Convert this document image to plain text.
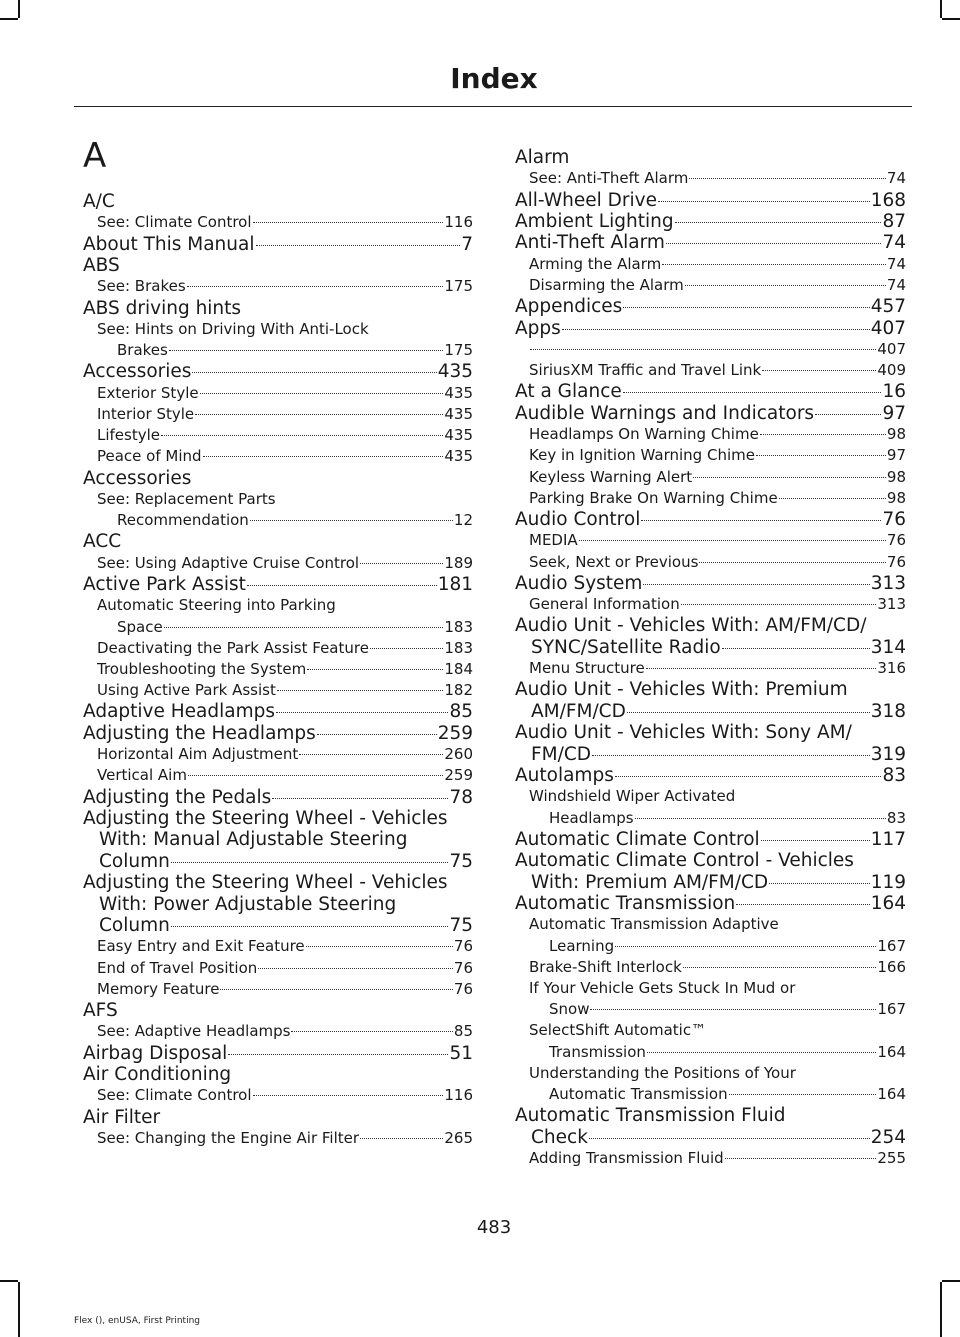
Index
A
A/C
See: Climate Control	116
About This Manual	7
ABS
See: Brakes	175
ABS driving hints
See: Hints on Driving With Anti-Lock
Brakes	175
Accessories	435
Exterior Style	435
Interior Style	435
Lifestyle	435
Peace of Mind	435
Accessories
See: Replacement Parts
Recommendation	12
ACC
See: Using Adaptive Cruise Control	189
Active Park Assist	181
Automatic Steering into Parking
Space	183
Deactivating the Park Assist Feature	183
Troubleshooting the System	184
Using Active Park Assist	182
Adaptive Headlamps	85
Adjusting the Headlamps	259
Horizontal Aim Adjustment	260
Vertical Aim	259
Adjusting the Pedals	78
Adjusting the Steering Wheel - Vehicles
With: Manual Adjustable Steering
Column	75
Adjusting the Steering Wheel - Vehicles
With: Power Adjustable Steering
Column	75
Easy Entry and Exit Feature	76
End of Travel Position	76
Memory Feature	76
AFS
See: Adaptive Headlamps	85
Airbag Disposal	51
Air Conditioning
See: Climate Control	116
Air Filter
See: Changing the Engine Air Filter	265
Alarm
See: Anti-Theft Alarm	74
All-Wheel Drive	168
Ambient Lighting	87
Anti-Theft Alarm	74
Arming the Alarm	74
Disarming the Alarm	74
Appendices	457
Apps	407
407
SiriusXM Traffic and Travel Link	409
At a Glance	16
Audible Warnings and Indicators	97
Headlamps On Warning Chime	98
Key in Ignition Warning Chime	97
Keyless Warning Alert	98
Parking Brake On Warning Chime	98
Audio Control	76
MEDIA	76
Seek, Next or Previous	76
Audio System	313
General Information	313
Audio Unit - Vehicles With: AM/FM/CD/
SYNC/Satellite Radio	314
Menu Structure	316
Audio Unit - Vehicles With: Premium
AM/FM/CD	318
Audio Unit - Vehicles With: Sony AM/
FM/CD	319
Autolamps	83
Windshield Wiper Activated
Headlamps	83
Automatic Climate Control	117
Automatic Climate Control - Vehicles
With: Premium AM/FM/CD	119
Automatic Transmission	164
Automatic Transmission Adaptive
Learning	167
Brake-Shift Interlock	166
If Your Vehicle Gets Stuck In Mud or
Snow	167
SelectShift Automatic™
Transmission	164
Understanding the Positions of Your
Automatic Transmission	164
Automatic Transmission Fluid
Check	254
Adding Transmission Fluid	255
483
Flex (), enUSA, First Printing
